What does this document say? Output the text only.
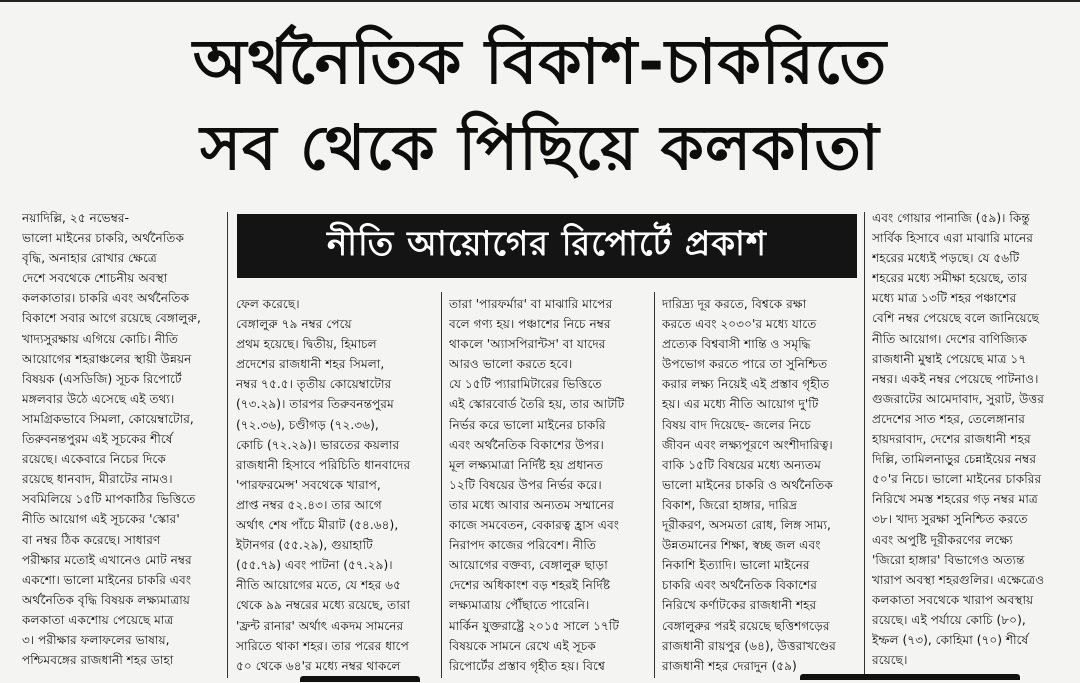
অর্থনৈতিক বিকাশ-চাকরিতে
সব থেকে পিছিয়ে কলকাতা
নীতি আয়োগের রিপোর্টে প্রকাশ
নয়াদিল্লি, ২৫ নভেম্বর-
ভালো মাইনের চাকরি, অর্থনৈতিক
বৃদ্ধি, অনাহার রোখার ক্ষেত্রে
দেশে সবথেকে শোচনীয় অবস্থা
কলকাতার। চাকরি এবং অর্থনৈতিক
বিকাশে সবার আগে রয়েছে বেঙ্গালুরু,
খাদ্যসুরক্ষায় এগিয়ে কোচি। নীতি
আয়োগের শহরাঞ্চলের স্থায়ী উন্নয়ন
বিষয়ক (এসডিজি) সূচক রিপোর্টে
মঙ্গলবার উঠে এসেছে এই তথ্য।
সামগ্রিকভাবে সিমলা, কোয়েম্বাটোর,
তিরুবনন্তপুরম এই সূচকের শীর্ষে
রয়েছে। একেবারে নিচের দিকে
রয়েছে ধানবাদ, মীরাটের নামও।
সবমিলিয়ে ১৫টি মাপকাঠির ভিত্তিতে
নীতি আয়োগ এই সূচকের 'স্কোর'
বা নম্বর ঠিক করেছে। সাধারণ
পরীক্ষার মতোই এখানেও মোট নম্বর
একশো। ভালো মাইনের চাকরি এবং
অর্থনৈতিক বৃদ্ধি বিষয়ক লক্ষ্যমাত্রায়
কলকাতা একশোয় পেয়েছে মাত্র
৩। পরীক্ষার ফলাফলের ভাষায়,
পশ্চিমবঙ্গের রাজধানী শহর ডাহা
ফেল করেছে।
বেঙ্গালুরু ৭৯ নম্বর পেয়ে
প্রথম হয়েছে। দ্বিতীয়, হিমাচল
প্রদেশের রাজধানী শহর সিমলা,
নম্বর ৭৫.৫। তৃতীয় কোয়েম্বাটোর
(৭৩.২৯)। তারপর তিরুবনন্তপুরম
(৭২.৩৬), চণ্ডীগড় (৭২.৩৬),
কোচি (৭২.২৯)। ভারতের কয়লার
রাজধানী হিসাবে পরিচিতি ধানবাদের
'পারফরমেন্স' সবথেকে খারাপ,
প্রাপ্ত নম্বর ৫২.৪৩। তার আগে
অর্থাৎ শেষ পাঁচে মীরাট (৫৪.৬৪),
ইটানগর (৫৫.২৯), গুয়াহাটি
(৫৫.৭৯) এবং পাটনা (৫৭.২৯)।
নীতি আয়োগের মতে, যে শহর ৬৫
থেকে ৯৯ নম্বরের মধ্যে রয়েছে, তারা
'ফ্রন্ট রানার' অর্থাৎ একদম সামনের
সারিতে থাকা শহর। তার পরের ধাপে
৫০ থেকে ৬৪'র মধ্যে নম্বর থাকলে
তারা 'পারফর্মার' বা মাঝারি মাপের
বলে গণ্য হয়। পঞ্চাশের নিচে নম্বর
থাকলে 'অ্যাসপিরান্টস' বা যাদের
আরও ভালো করতে হবে।
যে ১৫টি প্যারামিটারের ভিত্তিতে
এই স্কোরবোর্ড তৈরি হয়, তার আটটি
নির্ভর করে ভালো মাইনের চাকরি
এবং অর্থনৈতিক বিকাশের উপর।
মূল লক্ষ্যমাত্রা নির্দিষ্ট হয় প্রধানত
১২টি বিষয়ের উপর নির্ভর করে।
তার মধ্যে আবার অন্যতম সম্মানের
কাজে সমবেতন, বেকারত্ব হ্রাস এবং
নিরাপদ কাজের পরিবেশ। নীতি
আয়োগের বক্তব্য, বেঙ্গালুরু ছাড়া
দেশের অধিকাংশ বড় শহরই নির্দিষ্ট
লক্ষ্যমাত্রায় পৌঁছাতে পারেনি।
মার্কিন যুক্তরাষ্ট্রে ২০১৫ সালে ১৭টি
বিষয়কে সামনে রেখে এই সূচক
রিপোর্টের প্রস্তাব গৃহীত হয়। বিশ্বে
দারিদ্র্য দূর করতে, বিশ্বকে রক্ষা
করতে এবং ২০৩০'র মধ্যে যাতে
প্রত্যেক বিশ্ববাসী শান্তি ও সমৃদ্ধি
উপভোগ করতে পারে তা সুনিশ্চিত
করার লক্ষ্য নিয়েই এই প্রস্তাব গৃহীত
হয়। এর মধ্যে নীতি আয়োগ দু'টি
বিষয় বাদ দিয়েছে- জলের নিচে
জীবন এবং লক্ষ্যপূরণে অংশীদারিত্ব।
বাকি ১৫টি বিষয়ের মধ্যে অন্যতম
ভালো মাইনের চাকরি ও অর্থনৈতিক
বিকাশ, জিরো হাঙ্গার, দারিদ্র
দূরীকরণ, অসমতা রোধ, লিঙ্গ সাম্য,
উন্নতমানের শিক্ষা, স্বচ্ছ জল এবং
নিকাশি ইত্যাদি। ভালো মাইনের
চাকরি এবং অর্থনৈতিক বিকাশের
নিরিখে কর্ণাটকের রাজধানী শহর
বেঙ্গালুরুর পরই রয়েছে ছত্তিশগড়ের
রাজধানী রায়পুর (৬৪), উত্তরাখণ্ডের
রাজধানী শহর দেরাদুন (৫৯)
এবং গোয়ার পানাজি (৫৯)। কিন্তু
সার্বিক হিসাবে এরা মাঝারি মানের
শহরের মধ্যেই পড়ছে। যে ৫৬টি
শহরের মধ্যে সমীক্ষা হয়েছে, তার
মধ্যে মাত্র ১৩টি শহর পঞ্চাশের
বেশি নম্বর পেয়েছে বলে জানিয়েছে
নীতি আয়োগ। দেশের বাণিজ্যিক
রাজধানী মুম্বাই পেয়েছে মাত্র ১৭
নম্বর। একই নম্বর পেয়েছে পাটনাও।
গুজরাটের আমেদাবাদ, সুরাট, উত্তর
প্রদেশের সাত শহর, তেলেঙ্গানার
হায়দরাবাদ, দেশের রাজধানী শহর
দিল্লি, তামিলনাড়ুর চেন্নাইয়ের নম্বর
৫০'র নিচে। ভালো মাইনের চাকরির
নিরিখে সমস্ত শহরের গড় নম্বর মাত্র
৩৮। খাদ্য সুরক্ষা সুনিশ্চিত করতে
এবং অপুষ্টি দূরীকরণের লক্ষ্যে
'জিরো হাঙ্গার' বিভাগেও অত্যন্ত
খারাপ অবস্থা শহরগুলির। এক্ষেত্রেও
কলকাতা সবথেকে খারাপ অবস্থায়
রয়েছে। এই পর্যায়ে কোচি (৮০),
ইম্ফল (৭৩), কোহিমা (৭০) শীর্ষে
রয়েছে।
